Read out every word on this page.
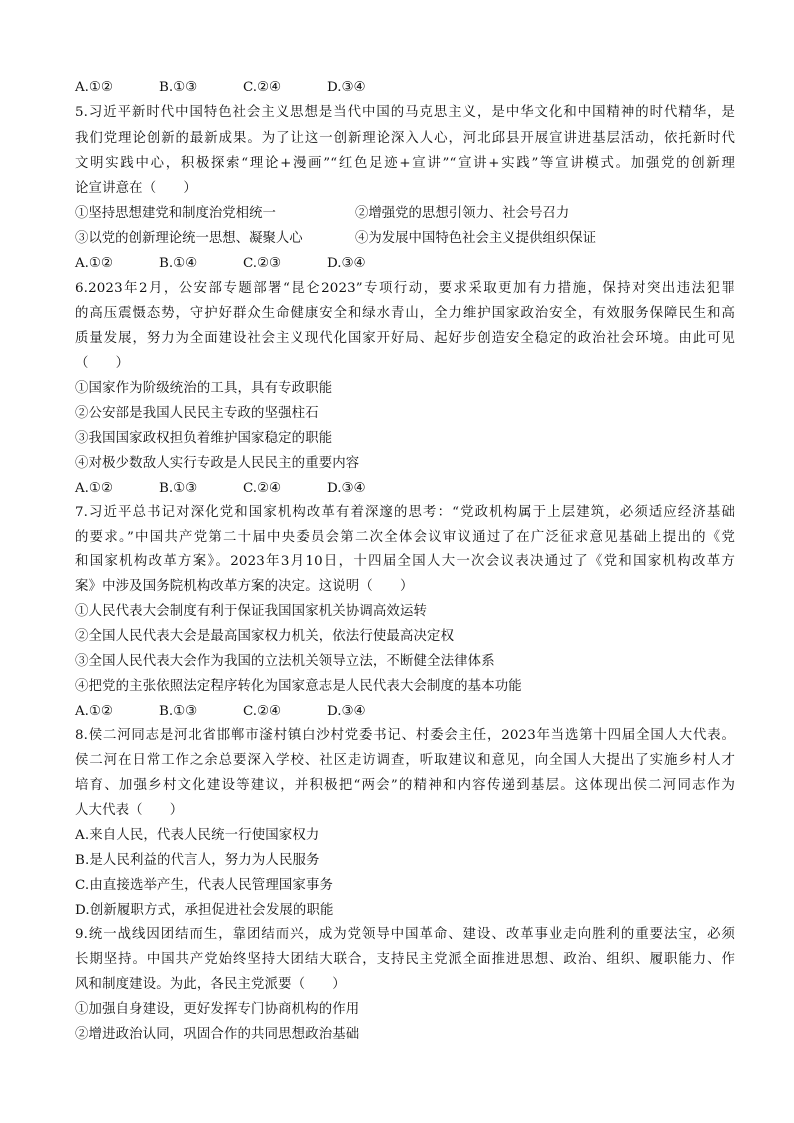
A.①②	B.①③	C.②④	D.③④
5.习近平新时代中国特色社会主义思想是当代中国的马克思主义，是中华文化和中国精神的时代精华，是
我们党理论创新的最新成果。为了让这一创新理论深入人心，河北邱县开展宣讲进基层活动，依托新时代
文明实践中心，积极探索“理论+漫画”“红色足迹+宣讲”“宣讲+实践”等宣讲模式。加强党的创新理
论宣讲意在（　　）
①坚持思想建党和制度治党相统一	②增强党的思想引领力、社会号召力
③以党的创新理论统一思想、凝聚人心	④为发展中国特色社会主义提供组织保证
A.①②	B.①④	C.②③	D.③④
6.2023年2月，公安部专题部署“昆仑2023”专项行动，要求采取更加有力措施，保持对突出违法犯罪
的高压震慑态势，守护好群众生命健康安全和绿水青山，全力维护国家政治安全，有效服务保障民生和高
质量发展，努力为全面建设社会主义现代化国家开好局、起好步创造安全稳定的政治社会环境。由此可见
（　　）
①国家作为阶级统治的工具，具有专政职能
②公安部是我国人民民主专政的坚强柱石
③我国国家政权担负着维护国家稳定的职能
④对极少数敌人实行专政是人民民主的重要内容
A.①②	B.①③	C.②④	D.③④
7.习近平总书记对深化党和国家机构改革有着深邃的思考：“党政机构属于上层建筑，必须适应经济基础
的要求。”中国共产党第二十届中央委员会第二次全体会议审议通过了在广泛征求意见基础上提出的《党
和国家机构改革方案》。2023年3月10日，十四届全国人大一次会议表决通过了《党和国家机构改革方
案》中涉及国务院机构改革方案的决定。这说明（　　）
①人民代表大会制度有利于保证我国国家机关协调高效运转
②全国人民代表大会是最高国家权力机关，依法行使最高决定权
③全国人民代表大会作为我国的立法机关领导立法，不断健全法律体系
④把党的主张依照法定程序转化为国家意志是人民代表大会制度的基本功能
A.①②	B.①③	C.②④	D.③④
8.侯二河同志是河北省邯郸市滏村镇白沙村党委书记、村委会主任，2023年当选第十四届全国人大代表。
侯二河在日常工作之余总要深入学校、社区走访调查，听取建议和意见，向全国人大提出了实施乡村人才
培育、加强乡村文化建设等建议，并积极把“两会”的精神和内容传递到基层。这体现出侯二河同志作为
人大代表（　　）
A.来自人民，代表人民统一行使国家权力
B.是人民利益的代言人，努力为人民服务
C.由直接选举产生，代表人民管理国家事务
D.创新履职方式，承担促进社会发展的职能
9.统一战线因团结而生，靠团结而兴，成为党领导中国革命、建设、改革事业走向胜利的重要法宝，必须
长期坚持。中国共产党始终坚持大团结大联合，支持民主党派全面推进思想、政治、组织、履职能力、作
风和制度建设。为此，各民主党派要（　　）
①加强自身建设，更好发挥专门协商机构的作用
②增进政治认同，巩固合作的共同思想政治基础
